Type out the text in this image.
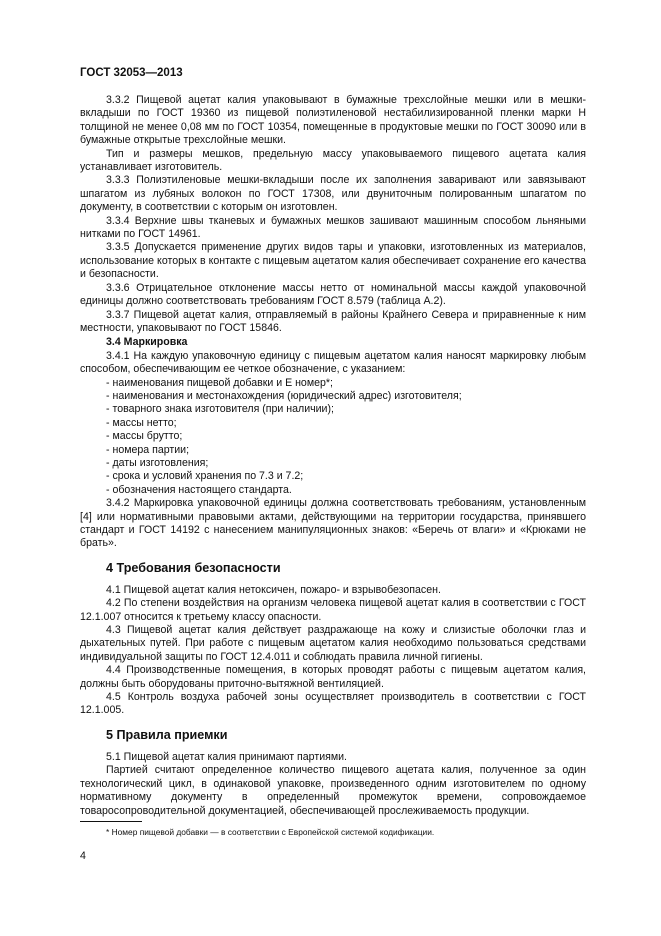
ГОСТ 32053—2013

3.3.2 Пищевой ацетат калия упаковывают в бумажные трехслойные мешки или в мешки-вкладыши по ГОСТ 19360 из пищевой полиэтиленовой нестабилизированной пленки марки Н толщиной не менее 0,08 мм по ГОСТ 10354, помещенные в продуктовые мешки по ГОСТ 30090 или в бумажные открытые трехслойные мешки.

Тип и размеры мешков, предельную массу упаковываемого пищевого ацетата калия устанавливает изготовитель.

3.3.3 Полиэтиленовые мешки-вкладыши после их заполнения заваривают или завязывают шпагатом из лубяных волокон по ГОСТ 17308, или двуниточным полированным шпагатом по документу, в соответствии с которым он изготовлен.

3.3.4 Верхние швы тканевых и бумажных мешков зашивают машинным способом льняными нитками по ГОСТ 14961.

3.3.5 Допускается применение других видов тары и упаковки, изготовленных из материалов, использование которых в контакте с пищевым ацетатом калия обеспечивает сохранение его качества и безопасности.

3.3.6 Отрицательное отклонение массы нетто от номинальной массы каждой упаковочной единицы должно соответствовать требованиям ГОСТ 8.579 (таблица А.2).

3.3.7 Пищевой ацетат калия, отправляемый в районы Крайнего Севера и приравненные к ним местности, упаковывают по ГОСТ 15846.

3.4 Маркировка

3.4.1 На каждую упаковочную единицу с пищевым ацетатом калия наносят маркировку любым способом, обеспечивающим ее четкое обозначение, с указанием:

- наименования пищевой добавки и Е номер*;
- наименования и местонахождения (юридический адрес) изготовителя;
- товарного знака изготовителя (при наличии);
- массы нетто;
- массы брутто;
- номера партии;
- даты изготовления;
- срока и условий хранения по 7.3 и 7.2;
- обозначения настоящего стандарта.

3.4.2 Маркировка упаковочной единицы должна соответствовать требованиям, установленным [4] или нормативными правовыми актами, действующими на территории государства, принявшего стандарт и ГОСТ 14192 с нанесением манипуляционных знаков: «Беречь от влаги» и «Крюками не брать».

4 Требования безопасности

4.1 Пищевой ацетат калия нетоксичен, пожаро- и взрывобезопасен.

4.2 По степени воздействия на организм человека пищевой ацетат калия в соответствии с ГОСТ 12.1.007 относится к третьему классу опасности.

4.3 Пищевой ацетат калия действует раздражающе на кожу и слизистые оболочки глаз и дыхательных путей. При работе с пищевым ацетатом калия необходимо пользоваться средствами индивидуальной защиты по ГОСТ 12.4.011 и соблюдать правила личной гигиены.

4.4 Производственные помещения, в которых проводят работы с пищевым ацетатом калия, должны быть оборудованы приточно-вытяжной вентиляцией.

4.5 Контроль воздуха рабочей зоны осуществляет производитель в соответствии с ГОСТ 12.1.005.

5 Правила приемки

5.1 Пищевой ацетат калия принимают партиями.

Партией считают определенное количество пищевого ацетата калия, полученное за один технологический цикл, в одинаковой упаковке, произведенного одним изготовителем по одному нормативному документу в определенный промежуток времени, сопровождаемое товаросопроводительной документацией, обеспечивающей прослеживаемость продукции.

* Номер пищевой добавки — в соответствии с Европейской системой кодификации.
4
